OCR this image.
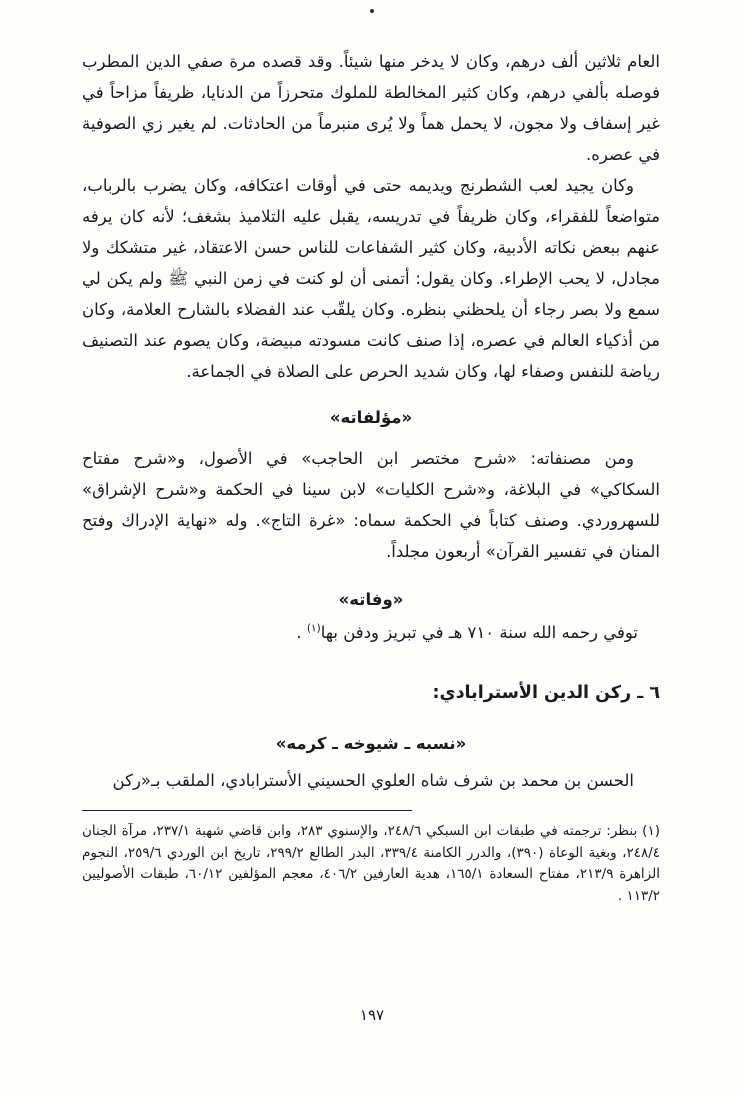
العام ثلاثين ألف درهم، وكان لا يدخر منها شيئاً. وقد قصده مرة صفي الدين المطرب فوصله بألفي درهم، وكان كثير المخالطة للملوك متحرزاً من الدنايا، ظريفاً مزاحاً في غير إسفاف ولا مجون، لا يحمل هماً ولا يُرى منبرماً من الحادثات. لم يغير زي الصوفية في عصره.

وكان يجيد لعب الشطرنج ويديمه حتى في أوقات اعتكافه، وكان يضرب بالرباب، متواضعاً للفقراء، وكان ظريفاً في تدريسه، يقبل عليه التلاميذ بشغف؛ لأنه كان يرفه عنهم ببعض نكاته الأدبية، وكان كثير الشفاعات للناس حسن الاعتقاد، غير متشكك ولا مجادل، لا يحب الإطراء. وكان يقول: أتمنى أن لو كنت في زمن النبي ﷺ ولم يكن لي سمع ولا بصر رجاء أن يلحظني بنظره. وكان يلقّب عند الفضلاء بالشارح العلامة، وكان من أذكياء العالم في عصره، إذا صنف كانت مسودته مبيضة، وكان يصوم عند التصنيف رياضة للنفس وصفاء لها، وكان شديد الحرص على الصلاة في الجماعة.

«مؤلفاته»

ومن مصنفاته: «شرح مختصر ابن الحاجب» في الأصول، و«شرح مفتاح السكاكي» في البلاغة، و«شرح الكليات» لابن سينا في الحكمة و«شرح الإشراق» للسهروردي. وصنف كتاباً في الحكمة سماه: «غرة التاج». وله «نهاية الإدراك وفتح المنان في تفسير القرآن» أربعون مجلداً.

«وفاته»

توفي رحمه الله سنة ٧١٠ هـ في تبريز ودفن بها$^{(١)}$ .

٦ ـ ركن الدين الأسترابادي:
«نسبه ـ شيوخه ـ كرمه»

الحسن بن محمد بن شرف شاه العلوي الحسيني الأسترابادي، الملقب بـ«ركن

(١) بنظر: ترجمته في طبقات ابن السبكي ٢٤٨/٦، والإسنوي ٢٨٣، وابن قاضي شهبة ٢٣٧/١، مرآة الجنان ٢٤٨/٤، وبغية الوعاة (٣٩٠)، والدرر الكامنة ٣٣٩/٤، البدر الطالع ٢٩٩/٢، تاريخ ابن الوردي ٢٥٩/٦، النجوم الزاهرة ٢١٣/٩، مفتاح السعادة ١٦٥/١، هدية العارفين ٤٠٦/٢، معجم المؤلفين ٦٠/١٢، طبقات الأصوليين ١١٣/٢ .

١٩٧
